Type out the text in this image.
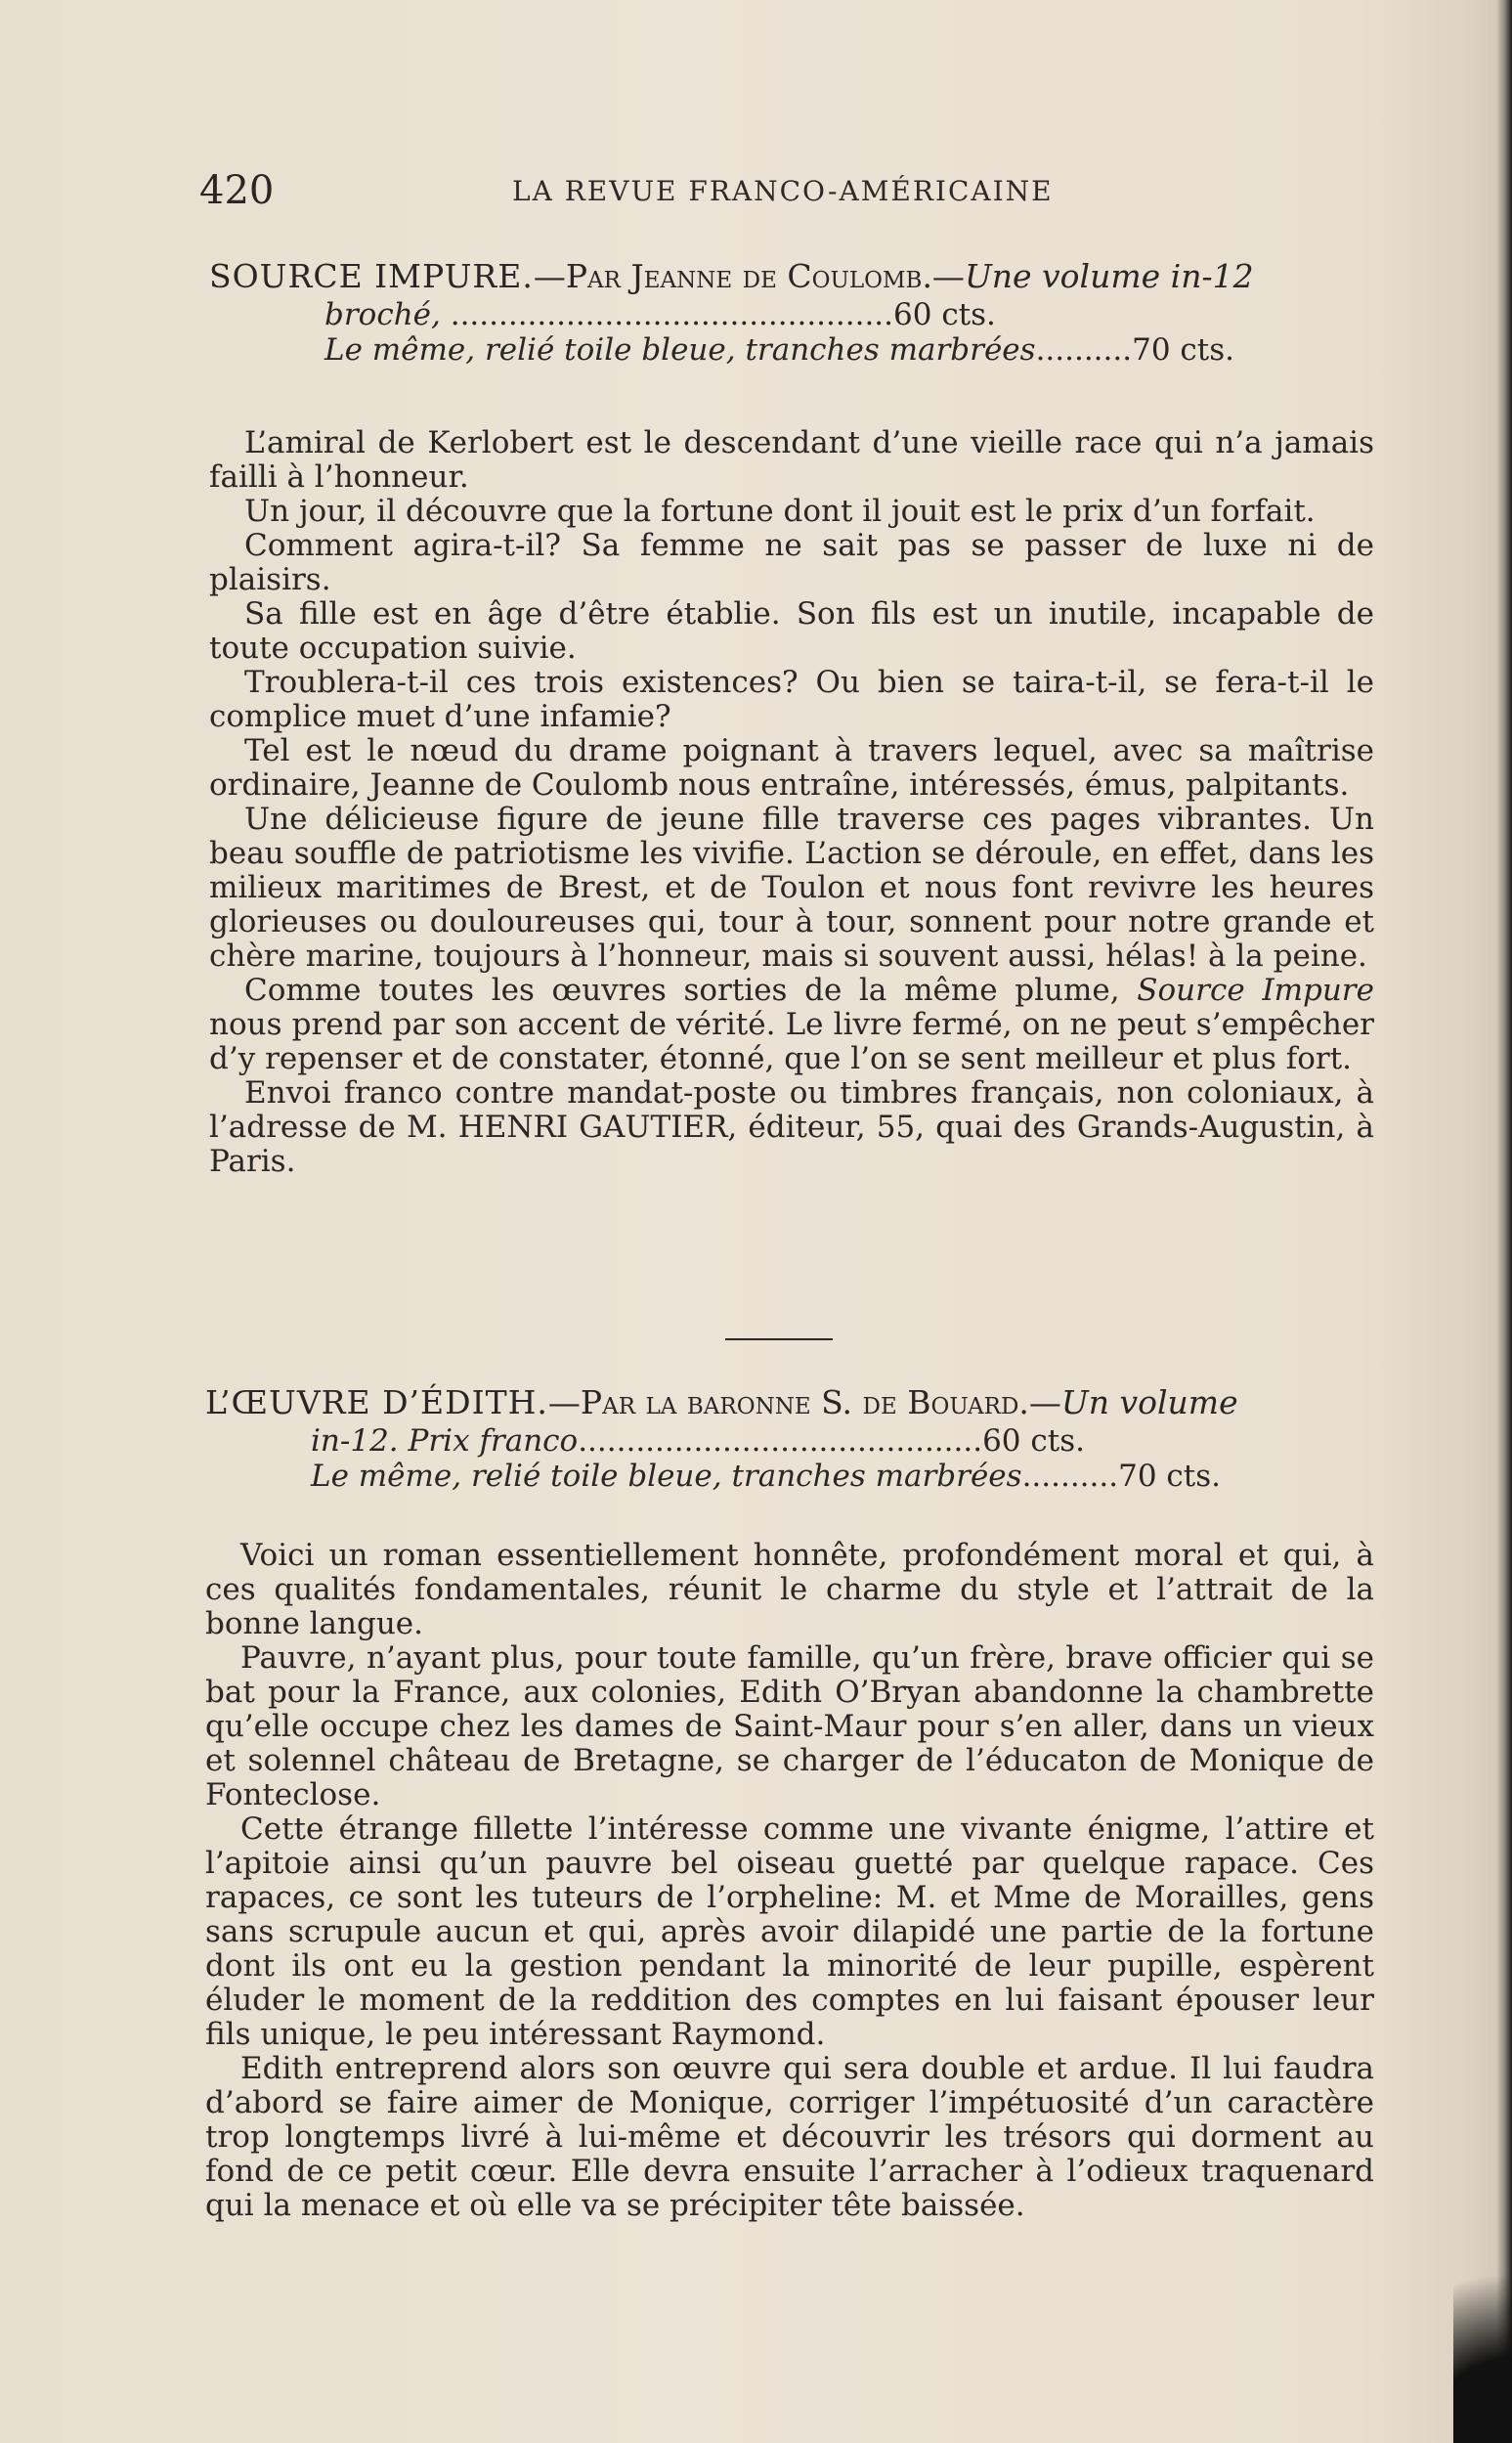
420	LA REVUE FRANCO-AMÉRICAINE
SOURCE IMPURE.—Par Jeanne de Coulomb.—Une volume in-12
broché, ..............................................60 cts.
Le même, relié toile bleue, tranches marbrées..........70 cts.

L’amiral de Kerlobert est le descendant d’une vieille race qui n’a jamais failli à l’honneur.

Un jour, il découvre que la fortune dont il jouit est le prix d’un forfait.

Comment agira-t-il? Sa femme ne sait pas se passer de luxe ni de plaisirs.

Sa fille est en âge d’être établie. Son fils est un inutile, incapable de toute occupation suivie.

Troublera-t-il ces trois existences? Ou bien se taira-t-il, se fera-t-il le complice muet d’une infamie?

Tel est le nœud du drame poignant à travers lequel, avec sa maîtrise ordinaire, Jeanne de Coulomb nous entraîne, intéressés, émus, palpitants.

Une délicieuse figure de jeune fille traverse ces pages vibrantes. Un beau souffle de patriotisme les vivifie. L’action se déroule, en effet, dans les milieux maritimes de Brest, et de Toulon et nous font revivre les heures glorieuses ou douloureuses qui, tour à tour, sonnent pour notre grande et chère marine, toujours à l’honneur, mais si souvent aussi, hélas! à la peine.

Comme toutes les œuvres sorties de la même plume, Source Impure nous prend par son accent de vérité. Le livre fermé, on ne peut s’empêcher d’y repenser et de constater, étonné, que l’on se sent meilleur et plus fort.

Envoi franco contre mandat-poste ou timbres français, non coloniaux, à l’adresse de M. HENRI GAUTIER, éditeur, 55, quai des Grands-Augustin, à Paris.

L’ŒUVRE D’ÉDITH.—Par la baronne S. de Bouard.—Un volume
in-12. Prix franco..........................................60 cts.
Le même, relié toile bleue, tranches marbrées..........70 cts.

Voici un roman essentiellement honnête, profondément moral et qui, à ces qualités fondamentales, réunit le charme du style et l’attrait de la bonne langue.

Pauvre, n’ayant plus, pour toute famille, qu’un frère, brave officier qui se bat pour la France, aux colonies, Edith O’Bryan abandonne la chambrette qu’elle occupe chez les dames de Saint-Maur pour s’en aller, dans un vieux et solennel château de Bretagne, se charger de l’éducaton de Monique de Fonteclose.

Cette étrange fillette l’intéresse comme une vivante énigme, l’attire et l’apitoie ainsi qu’un pauvre bel oiseau guetté par quelque rapace. Ces rapaces, ce sont les tuteurs de l’orpheline: M. et Mme de Morailles, gens sans scrupule aucun et qui, après avoir dilapidé une partie de la fortune dont ils ont eu la gestion pendant la minorité de leur pupille, espèrent éluder le moment de la reddition des comptes en lui faisant épouser leur fils unique, le peu intéressant Raymond.

Edith entreprend alors son œuvre qui sera double et ardue. Il lui faudra d’abord se faire aimer de Monique, corriger l’impétuosité d’un caractère trop longtemps livré à lui-même et découvrir les trésors qui dorment au fond de ce petit cœur. Elle devra ensuite l’arracher à l’odieux traquenard qui la menace et où elle va se précipiter tête baissée.
